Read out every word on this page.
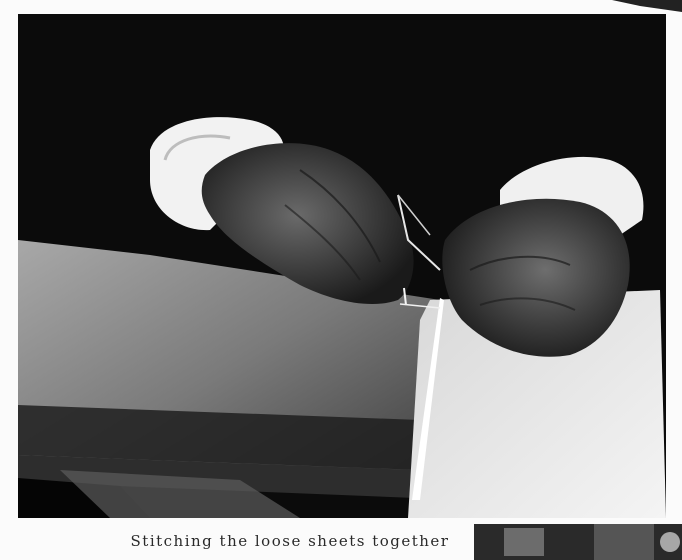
Stitching the loose sheets together
